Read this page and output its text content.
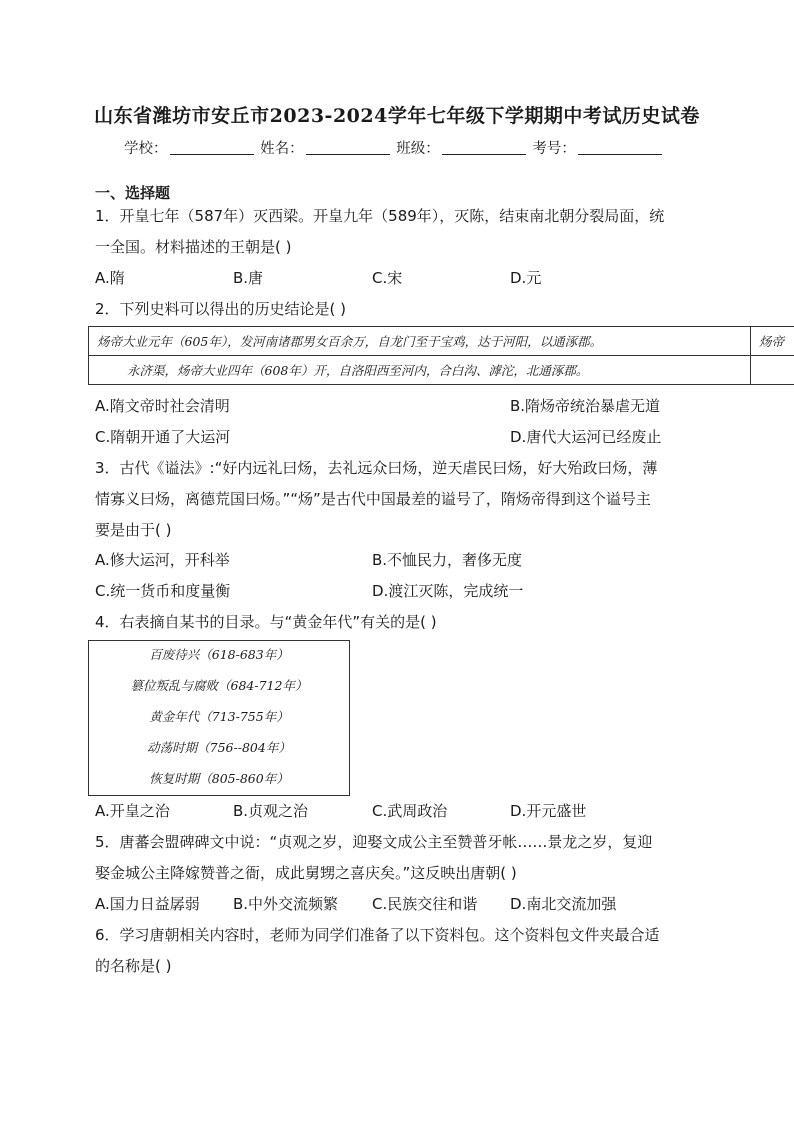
山东省潍坊市安丘市2023-2024学年七年级下学期期中考试历史试卷
学校：	姓名：	班级：	考号：
一、选择题
1．开皇七年（587年）灭西梁。开皇九年（589年），灭陈，结束南北朝分裂局面，统
一全国。材料描述的王朝是( )
A.隋	B.唐	C.宋	D.元
2．下列史料可以得出的历史结论是( )
炀帝大业元年（605年），发河南诸郡男女百余万，自龙门至于宝鸡，达于河阳，以通涿郡。	炀帝
永济渠，炀帝大业四年（608年）开，自洛阳西至河内，合白沟、滹沱，北通涿郡。	
A.隋文帝时社会清明	B.隋炀帝统治暴虐无道
C.隋朝开通了大运河	D.唐代大运河已经废止
3．古代《谥法》:“好内远礼曰炀，去礼远众曰炀，逆天虐民曰炀，好大殆政曰炀，薄
情寡义曰炀，离德荒国曰炀。”“炀”是古代中国最差的谥号了，隋炀帝得到这个谥号主
要是由于( )
A.修大运河，开科举	B.不恤民力，奢侈无度
C.统一货币和度量衡	D.渡江灭陈，完成统一
4．右表摘自某书的目录。与“黄金年代”有关的是( )
百废待兴（618-683年）
篡位叛乱与腐败（684-712年）
黄金年代（713-755年）
动荡时期（756--804年）
恢复时期（805-860年）
A.开皇之治	B.贞观之治	C.武周政治	D.开元盛世
5．唐蕃会盟碑碑文中说：“贞观之岁，迎娶文成公主至赞普牙帐……景龙之岁，复迎
娶金城公主降嫁赞普之衙，成此舅甥之喜庆矣。”这反映出唐朝( )
A.国力日益孱弱 B.中外交流频繁 C.民族交往和谐 D.南北交流加强
6．学习唐朝相关内容时，老师为同学们准备了以下资料包。这个资料包文件夹最合适
的名称是( )
